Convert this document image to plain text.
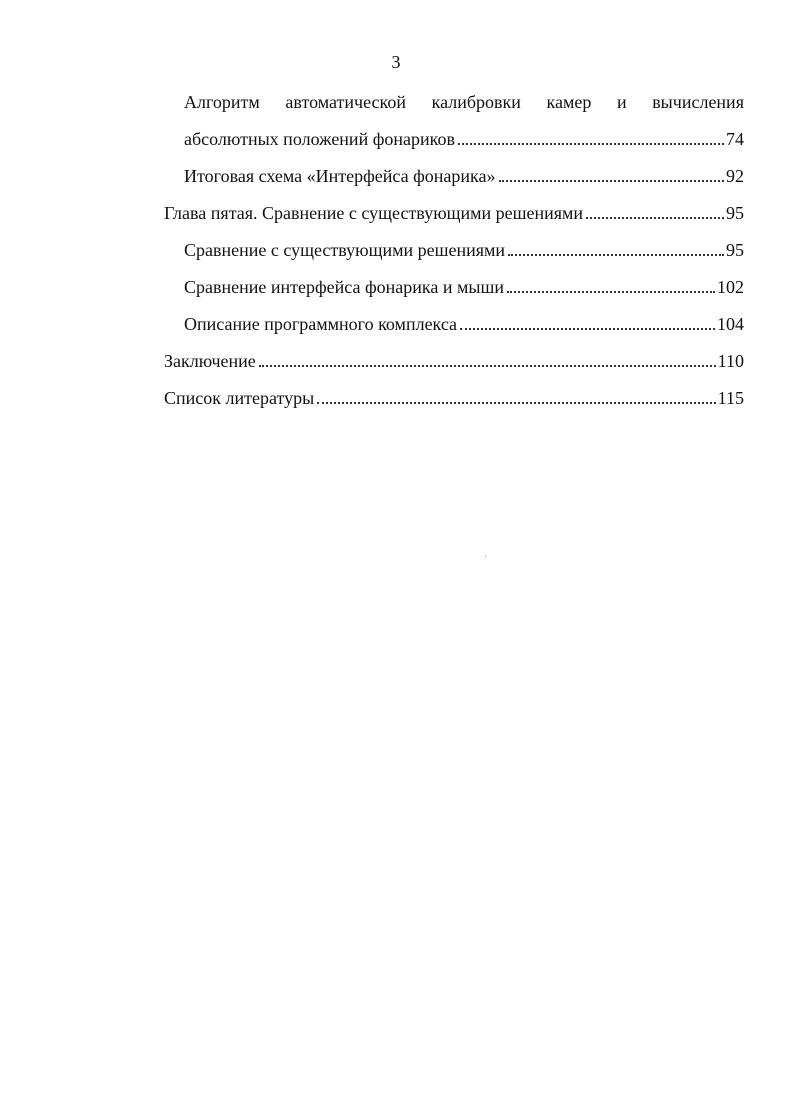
3
Алгоритм автоматической калибровки камер и вычисления
абсолютных положений фонариков	74
Итоговая схема «Интерфейса фонарика»	92
Глава пятая. Сравнение с существующими решениями	95
Сравнение с существующими решениями	95
Сравнение интерфейса фонарика и мыши	102
Описание программного комплекса	104
Заключение	110
Список литературы	115
